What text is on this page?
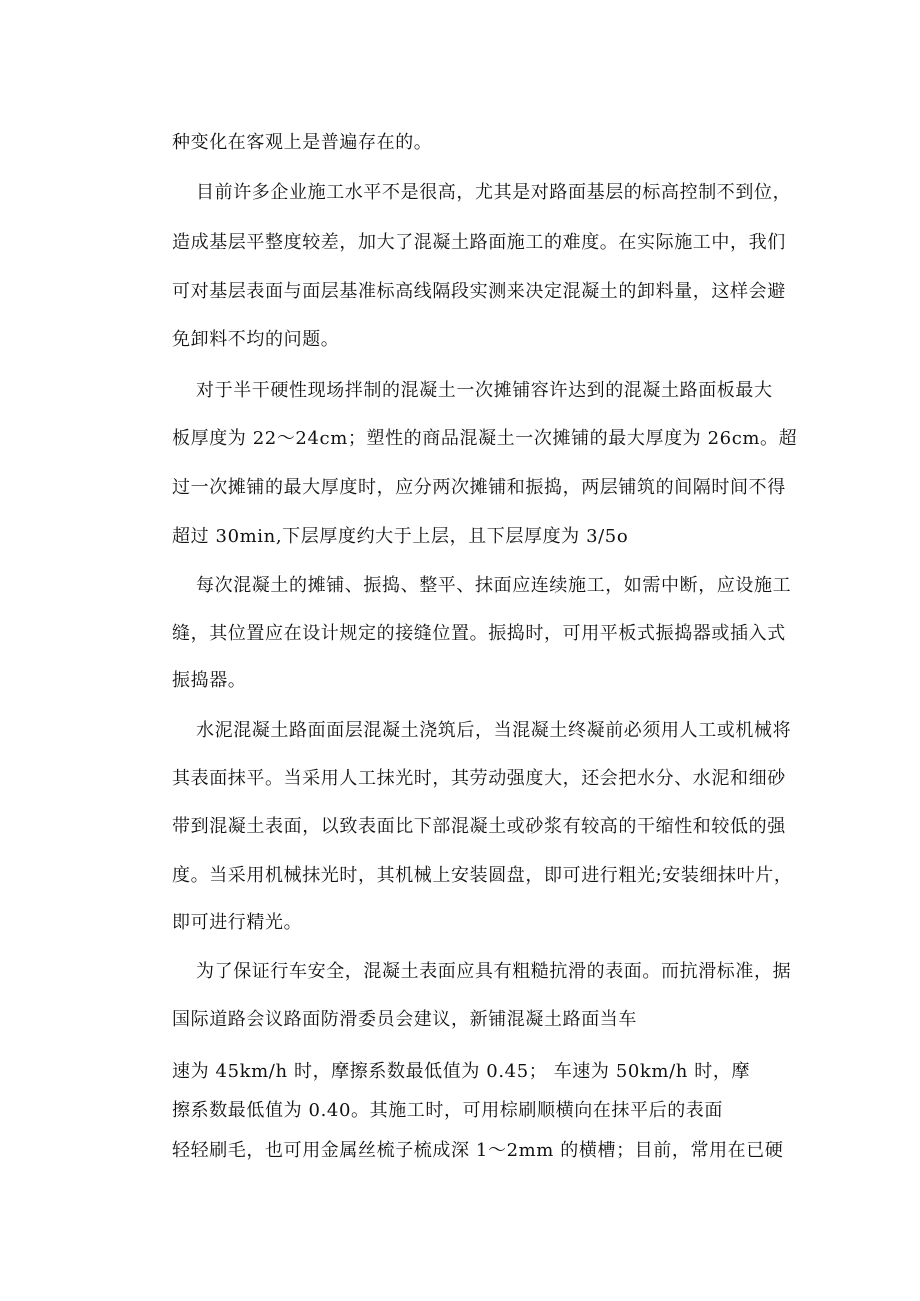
种变化在客观上是普遍存在的。
目前许多企业施工水平不是很高，尤其是对路面基层的标高控制不到位，
造成基层平整度较差，加大了混凝土路面施工的难度。在实际施工中，我们
可对基层表面与面层基准标高线隔段实测来决定混凝土的卸料量，这样会避
免卸料不均的问题。
对于半干硬性现场拌制的混凝土一次摊铺容许达到的混凝土路面板最大
板厚度为 22～24cm；塑性的商品混凝土一次摊铺的最大厚度为 26cm。超
过一次摊铺的最大厚度时，应分两次摊铺和振捣，两层铺筑的间隔时间不得
超过 30min,下层厚度约大于上层，且下层厚度为 3/5o
每次混凝土的摊铺、振捣、整平、抹面应连续施工，如需中断，应设施工
缝，其位置应在设计规定的接缝位置。振捣时，可用平板式振捣器或插入式
振捣器。
水泥混凝土路面面层混凝土浇筑后，当混凝土终凝前必须用人工或机械将
其表面抹平。当采用人工抹光时，其劳动强度大，还会把水分、水泥和细砂
带到混凝土表面，以致表面比下部混凝土或砂浆有较高的干缩性和较低的强
度。当采用机械抹光时，其机械上安装圆盘，即可进行粗光;安装细抹叶片，
即可进行精光。
为了保证行车安全，混凝土表面应具有粗糙抗滑的表面。而抗滑标准，据
国际道路会议路面防滑委员会建议，新铺混凝土路面当车
速为 45km∕h 时，摩擦系数最低值为 0.45； 车速为 50km∕h 时，摩
擦系数最低值为 0.40。其施工时，可用棕刷顺横向在抹平后的表面
轻轻刷毛，也可用金属丝梳子梳成深 1～2mm 的横槽；目前，常用在已硬
